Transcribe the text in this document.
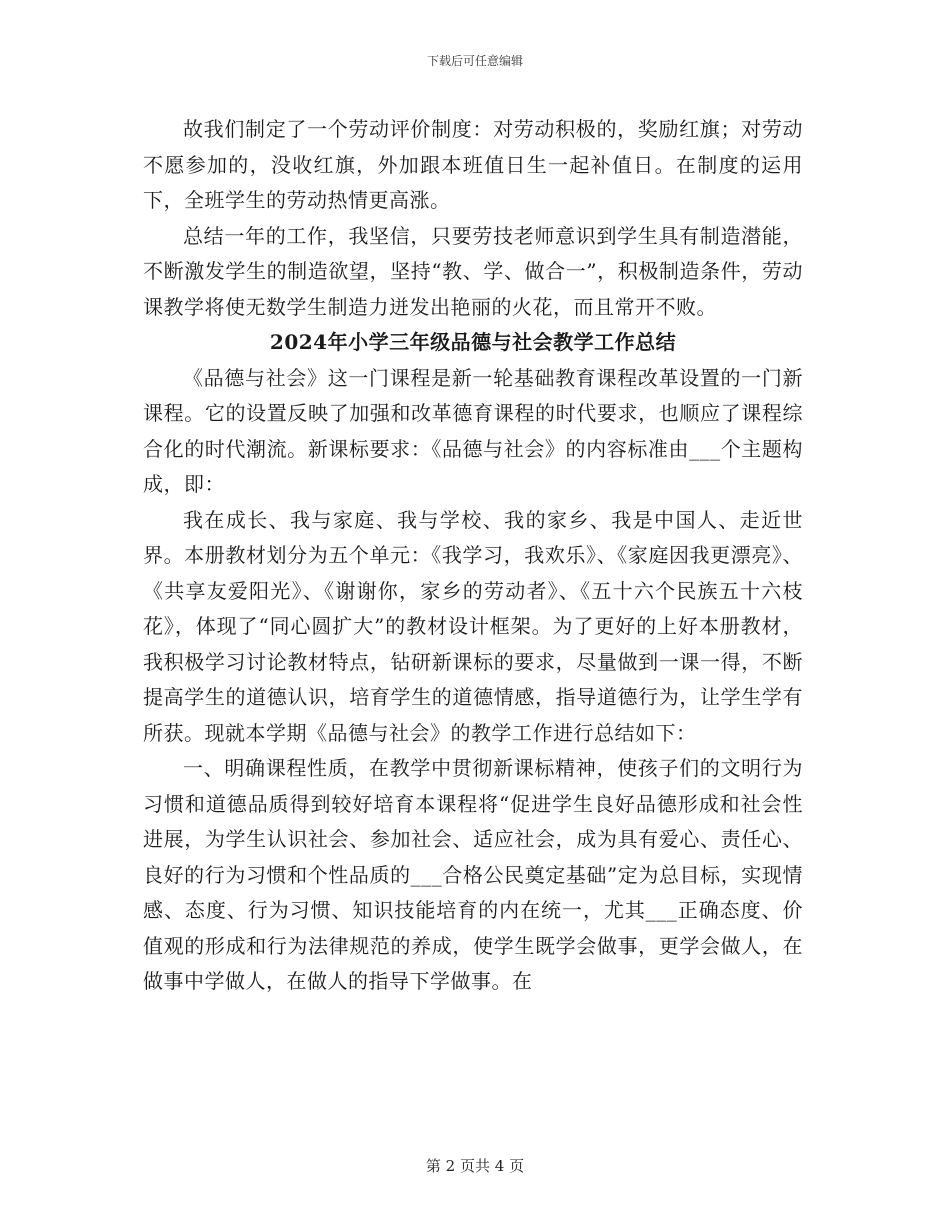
下载后可任意编辑

故我们制定了一个劳动评价制度：对劳动积极的，奖励红旗；对劳动不愿参加的，没收红旗，外加跟本班值日生一起补值日。在制度的运用下，全班学生的劳动热情更高涨。

总结一年的工作，我坚信，只要劳技老师意识到学生具有制造潜能，不断激发学生的制造欲望，坚持“教、学、做合一”，积极制造条件，劳动课教学将使无数学生制造力迸发出艳丽的火花，而且常开不败。

2024年小学三年级品德与社会教学工作总结

《品德与社会》这一门课程是新一轮基础教育课程改革设置的一门新课程。它的设置反映了加强和改革德育课程的时代要求，也顺应了课程综合化的时代潮流。新课标要求：《品德与社会》的内容标准由___个主题构成，即：

我在成长、我与家庭、我与学校、我的家乡、我是中国人、走近世界。本册教材划分为五个单元：《我学习，我欢乐》、《家庭因我更漂亮》、《共享友爱阳光》、《谢谢你，家乡的劳动者》、《五十六个民族五十六枝花》，体现了“同心圆扩大”的教材设计框架。为了更好的上好本册教材，我积极学习讨论教材特点，钻研新课标的要求，尽量做到一课一得，不断提高学生的道德认识，培育学生的道德情感，指导道德行为，让学生学有所获。现就本学期《品德与社会》的教学工作进行总结如下：

一、明确课程性质，在教学中贯彻新课标精神，使孩子们的文明行为习惯和道德品质得到较好培育本课程将“促进学生良好品德形成和社会性进展，为学生认识社会、参加社会、适应社会，成为具有爱心、责任心、良好的行为习惯和个性品质的___合格公民奠定基础”定为总目标，实现情感、态度、行为习惯、知识技能培育的内在统一，尤其___正确态度、价值观的形成和行为法律规范的养成，使学生既学会做事，更学会做人，在做事中学做人，在做人的指导下学做事。在

第 2 页共 4 页
